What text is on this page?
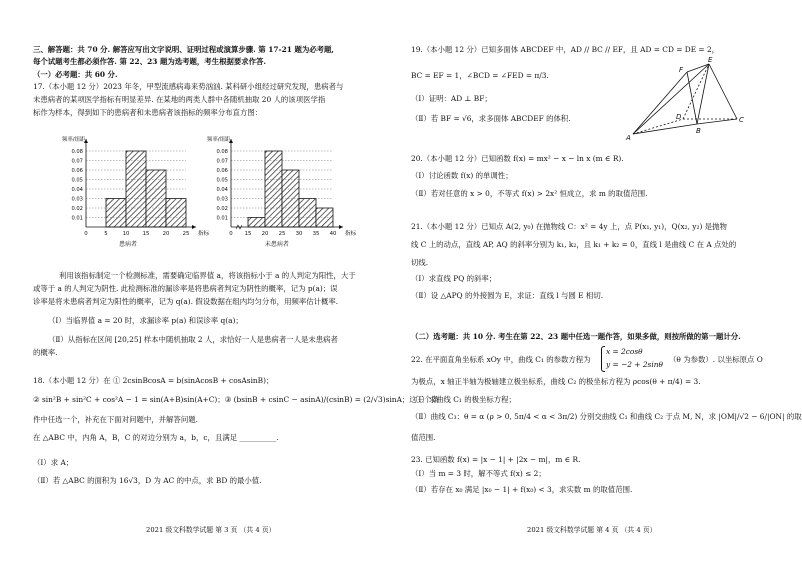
三、解答题：共 70 分. 解答应写出文字说明、证明过程或演算步骤. 第 17-21 题为必考题,
每个试题考生都必须作答. 第 22、23 题为选考题，考生根据要求作答.
（一）必考题：共 60 分.
17.（本小题 12 分）2023 年冬，甲型流感病毒来势汹汹. 某科研小组经过研究发现，患病者与
未患病者的某项医学指标有明显差异. 在某地的两类人群中各随机抽取 20 人的该项医学指
标作为样本，得到如下的患病者和未患病者该指标的频率分布直方图：
0.01
0.02
0.03
0.04
0.05
0.06
0.07
0.08
0	5	10 15 20 25
频率/组距
指标
患病者
0.01
0.02
0.03
0.04
0.05
0.06
0.07
0.08
0 15 20 25 30 35 40
频率/组距
指标
未患病者
利用该指标制定一个检测标准，需要确定临界值 a，将该指标小于 a 的人判定为阳性，大于
或等于 a 的人判定为阴性. 此检测标准的漏诊率是将患病者判定为阴性的概率，记为 p(a)；误
诊率是将未患病者判定为阳性的概率，记为 q(a). 假设数据在组内均匀分布，用频率估计概率.
（Ⅰ）当临界值 a = 20 时，求漏诊率 p(a) 和误诊率 q(a)；
（Ⅱ）从指标在区间 [20,25] 样本中随机抽取 2 人，求恰好一人是患病者一人是未患病者
的概率.
18.（本小题 12 分）在 ① 2csinBcosA = b(sinAcosB + cosAsinB)；
② sin²B + sin²C + cos²A − 1 = sin(A+B)sin(A+C)；③ (bsinB + csinC − asinA)/(csinB) = (2/√3)sinA；这三个条
件中任选一个，补充在下面对问题中，并解答问题.
在 △ABC 中，内角 A，B，C 的对边分别为 a，b，c，且满足 __________.
（Ⅰ）求 A；
（Ⅱ）若 △ABC 的面积为 16√3，D 为 AC 的中点，求 BD 的最小值.
2021 级文科数学试题 第 3 页 （共 4 页）
19.（本小题 12 分）已知多面体 ABCDEF 中，AD // BC // EF，且 AD = CD = DE = 2，
BC = EF = 1，∠BCD = ∠FED = π/3.
（Ⅰ）证明：AD ⊥ BF；
（Ⅱ）若 BF = √6，求多面体 ABCDEF 的体积.
E
F
D	C
A
B
20.（本小题 12 分）已知函数 f(x) = mx² − x − ln x (m ∈ R).
（Ⅰ）讨论函数 f(x) 的单调性；
（Ⅱ）若对任意的 x > 0，不等式 f(x) > 2x² 恒成立，求 m 的取值范围.
21.（本小题 12 分）已知点 A(2, y₀) 在抛物线 C：x² = 4y 上，点 P(x₁, y₁)，Q(x₂, y₂) 是抛物
线 C 上的动点，直线 AP, AQ 的斜率分别为 k₁, k₂，且 k₁ + k₂ = 0，直线 l 是曲线 C 在 A 点处的
切线.
（Ⅰ）求直线 PQ 的斜率；
（Ⅱ）设 △APQ 的外接圆为 E，求证：直线 l 与圆 E 相切.
（二）选考题：共 10 分. 考生在第 22、23 题中任选一题作答，如果多做，则按所做的第一题计分.
22. 在平面直角坐标系 xOy 中，曲线 C₁ 的参数方程为
x = 2cosθ
y = −2 + 2sinθ
（θ 为参数）. 以坐标原点 O
为极点，x 轴正半轴为极轴建立极坐标系，曲线 C₂ 的极坐标方程为 ρcos(θ + π/4) = 3.
（Ⅰ）求曲线 C₁ 的极坐标方程；
（Ⅱ）曲线 C₃：θ = α (ρ > 0, 5π/4 < α < 3π/2) 分别交曲线 C₁ 和曲线 C₂ 于点 M, N，求 |OM|/√2 − 6/|ON| 的取
值范围.
23. 已知函数 f(x) = |x − 1| + |2x − m|，m ∈ R.
（Ⅰ）当 m = 3 时，解不等式 f(x) ≤ 2；
（Ⅱ）若存在 x₀ 满足 |x₀ − 1| + f(x₀) < 3，求实数 m 的取值范围.
2021 级文科数学试题 第 4 页 （共 4 页）
